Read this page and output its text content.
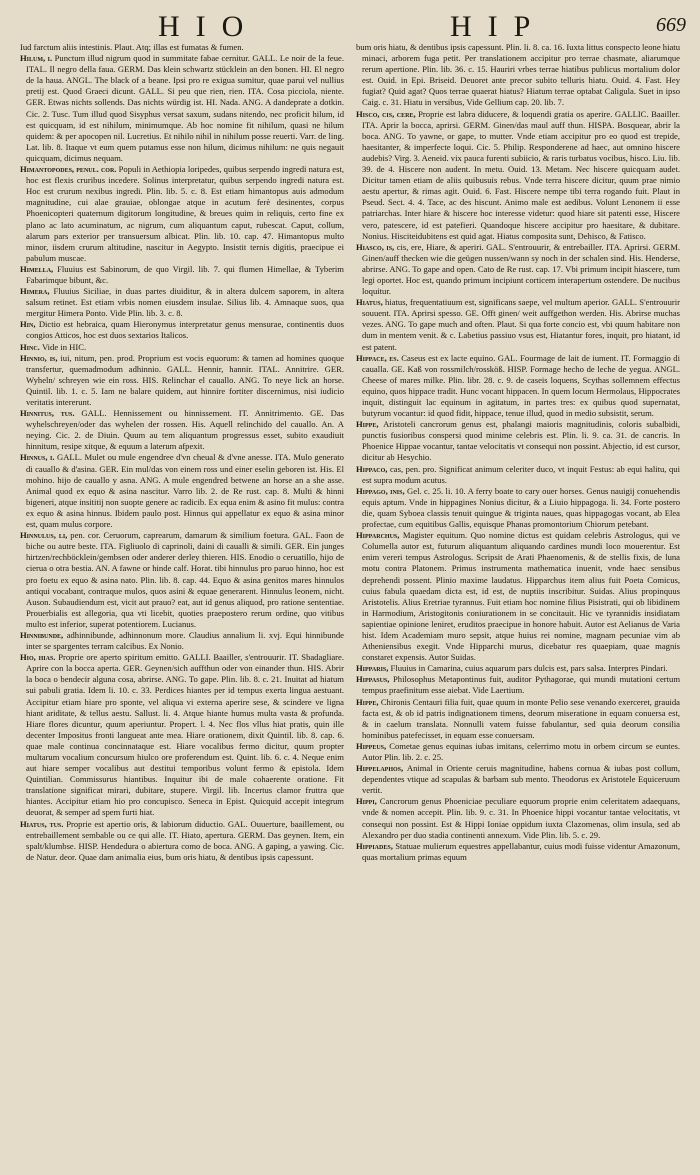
HIO	HIP	669

Iud farctum aliis intestinis. Plaut. Atq; illas est fumatas & fumen.

Hilum, i. Punctum illud nigrum quod in summitate fabae cernitur. GALL. Le noir de la feue. ITAL. Il negro della faua. GERM. Das klein schwartz stücklein an den bonen. HI. El negro de la haua. ANGL. The black of a beane. Ipsi pro re exigua sumitur, quae parui vel nullius pretij est. Quod Graeci dicunt. GALL. Si peu que rien, rien. ITA. Cosa picciola, niente. GER. Etwas nichts sollends. Das nichts würdig ist. HI. Nada. ANG. A dandeprate a dotkin. Cic. 2. Tusc. Tum illud quod Sisyphus versat saxum, sudans nitendo, nec proficit hilum, id est quicquam, id est nihilum, minimumque. Ab hoc nomine fit nihilum, quasi ne hilum quidem: & per apocopen nil. Lucretius. Et nihilo nihil in nihilum posse reuerti. Varr. de ling. Lat. lib. 8. Itaque vt eum quem putamus esse non hilum, dicimus nihilum: ne quis negauit quicquam, dicimus nequam.

Himantopodes, penul. cor. Populi in Aethiopia loripedes, quibus serpendo ingredi natura est, hoc est flexis cruribus incedere. Solinus interpretatur, quibus serpendo ingredi natura est. Hoc est crurum nexibus ingredi. Plin. lib. 5. c. 8. Est etiam himantopus auis admodum magnitudine, cui alae grauiae, oblongae atque in acutum ferè desinentes, corpus Phoenicopteri quaternum digitorum longitudine, & breues quim in reliquis, certo fine ex plano ac lato acuminatum, ac nigrum, cum aliquantum caput, rubescat. Caput, collum, alarum pars exterior per transuersum albicat. Plin. lib. 10. cap. 47. Himantopus multo minor, iisdem crurum altitudine, nascitur in Aegypto. Insistit ternis digitis, praecipue ei pabulum muscae.

Himella, Fluuius est Sabinorum, de quo Virgil. lib. 7. qui flumen Himellae, & Tyberim Fabarimque bibunt, &c.

Himera, Fluuius Siciliae, in duas partes diuiditur, & in altera dulcem saporem, in altera salsum retinet. Est etiam vrbis nomen eiusdem insulae. Silius lib. 4. Amnaque suos, qua mergitur Himera Ponto. Vide Plin. lib. 3. c. 8.

Hin, Dictio est hebraica, quam Hieronymus interpretatur genus mensurae, continentis duos congios Atticos, hoc est duos sextarios Italicos.

Hinc. Vide in HIC.

Hinnio, is, iui, nitum, pen. prod. Proprium est vocis equorum: & tamen ad homines quoque transfertur, quemadmodum adhinnio. GALL. Hennir, hannir. ITAL. Annitrire. GER. Wyheln/ schreyen wie ein ross. HIS. Relinchar el cauallo. ANG. To neye lick an horse. Quintil. lib. 1. c. 5. Iam ne balare quidem, aut hinnire fortiter discernimus, nisi iudicio veritatis intererunt.

Hinnitus, tus. GALL. Hennissement ou hinnissement. IT. Annitrimento. GE. Das wyhelschreyen/oder das wyhelen der rossen. His. Aquell relinchido del cauallo. An. A neying. Cic. 2. de Diuin. Quum au tem aliquantum progressus esset, subito exaudiuit hinnitum, resipe xitque, & equum a laterum afpexit.

Hinnus, i. GALL. Mulet ou mule engendree d'vn cheual & d'vne anesse. ITA. Mulo generato di cauallo & d'asina. GER. Ein mul/das von einem ross und einer eselin geboren ist. His. El mohino. hijo de cauallo y asna. ANG. A mule engendred betwene an horse an a she asse. Animal quod ex equo & asina nascitur. Varro lib. 2. de Re rust. cap. 8. Multi & hinni bigeneri, atque insititij non suopte genere ac radicib. Ex equa enim & asino fit mulus: contra ex equo & asina hinnus. Ibidem paulo post. Hinnus qui appellatur ex equo & asina minor est, quam mulus corpore.

Hinnulus, li, pen. cor. Ceruorum, caprearum, damarum & similium foetura. GAL. Faon de biche ou autre beste. ITA. Figliuolo di caprinoli, daini di caualli & simili. GER. Ein junges hirtzen/rechböcklein/gembsen oder anderer derley thieren. HIS. Enodio o ceruatillo, hijo de cierua o otra bestia. AN. A fawne or hinde calf. Horat. tibi hinnulus pro paruo hinno, hoc est pro foetu ex equo & asina nato. Plin. lib. 8. cap. 44. Equo & asina genitos mares hinnulos antiqui vocabant, contraque mulos, quos asini & equae generarent. Hinnulus leonem, nicht. Auson. Subaudiendum est, vicit aut prauo? eat, aut id genus aliquod, pro ratione sententiae. Prouerbialis est allegoria, qua vti licebit, quoties praepostero rerum ordine, quo vitibus multo est inferior, superat potentiorem. Lucianus.

Hinnibunde, adhinnibunde, adhinnonum more. Claudius annalium li. xvj. Equi hinnibunde inter se spargentes terram calcibus. Ex Nonio.

Hio, hias. Proprie ore aperto spiritum emitto. GALLI. Baailler, s'entrouurir. IT. Sbadagliare. Aprire con la bocca aperta. GER. Geynen/sich auffthun oder von einander thun. HIS. Abrir la boca o bendecir alguna cosa, abrirse. ANG. To gape. Plin. lib. 8. c. 21. Inuitat ad hiatum sui pabuli gratia. Idem li. 10. c. 33. Perdices hiantes per id tempus exerta lingua aestuant. Accipitur etiam hiare pro sponte, vel aliqua vi externa aperire sese, & scindere ve ligna hiant ariditate, & tellus aestu. Sallust. li. 4. Atque hiante humus multa vasta & profunda. Hiare flores dicuntur, quum aperiuntur. Propert. l. 4. Nec flos vllus hiat pratis, quin ille decenter Impositus fronti langueat ante mea. Hiare orationem, dixit Quintil. lib. 8. cap. 6. quae male continua concinnataque est. Hiare vocalibus fermo dicitur, quum propter multarum vocalium concursum hiulco ore proferendum est. Quint. lib. 6. c. 4. Neque enim aut hiare semper vocalibus aut destitui temporibus volunt fermo & epistola. Idem Quintilian. Commissurus hiantibus. Inquitur ibi de male cohaerente oratione. Fit translatione significat mirari, dubitare, stupere. Virgil. lib. Incertus clamor fruttra que hiantes. Accipitur etiam hio pro concupisco. Seneca in Epist. Quicquid accepit integrum deuorat, & semper ad spem furti hiat.

Hiatus, tus. Proprie est apertio oris, & labiorum diductio. GAL. Ouuerture, baaillement, ou entrebaillement sembable ou ce qui alle. IT. Hiato, apertura. GERM. Das geynen. Item, ein spalt/klumbse. HISP. Hendedura o abiertura como de boca. ANG. A gaping, a yawing. Cic. de Natur. deor. Quae dam animalia eius, bum oris hiatu, & dentibus ipsis capessunt.

bum oris hiatu, & dentibus ipsis capessunt. Plin. li. 8. ca. 16. Iuxta littus conspecto leone hiatu minaci, arborem fuga petit. Per translationem accipitur pro terrae chasmate, aliarumque rerum apertione. Plin. lib. 36. c. 15. Hauriri vrbes terrae hiatibus publicus mortalium dolor est. Ouid. in Epi. Briseid. Deuoret ante precor subito telluris hiatu. Ouid. 4. Fast. Hey fugiat? Quid agat? Quos terrae quaerat hiatus? Hiatum terrae optabat Caligula. Suet in ipso Caig. c. 31. Hiatu in versibus, Vide Gellium cap. 20. lib. 7.

Hisco, cis, cere, Proprie est labra diducere, & loquendi gratia os aperire. GALLIC. Baailler. ITA. Aprir la bocca, aprirsi. GERM. Ginen/das maul auff thun. HISPA. Bosquear, abrir la boca. ANG. To yawne, or gape, to mutter. Vnde etiam accipitur pro eo quod est trepide, haesitanter, & imperfecte loqui. Cic. 5. Philip. Responderene ad haec, aut omnino hiscere audebis? Virg. 3. Aeneid. vix pauca furenti subiicio, & raris turbatus vocibus, hisco. Liu. lib. 39. de 4. Hiscere non audent. In metu. Ouid. 13. Metam. Nec hiscere quicquam audet. Dicitur tamen etiam de aliis quibusuis rebus. Vnde terra hiscere dicitur, quum prae nimio aestu apertur, & rimas agit. Ouid. 6. Fast. Hiscere nempe tibi terra rogando fuit. Plaut in Pseud. Sect. 4. 4. Tace, ac des hiscunt. Animo male est aedibus. Volunt Lenonem ii esse patriarchas. Inter hiare & hiscere hoc interesse videtur: quod hiare sit patenti esse, Hiscere vero, patescere, id est patefieri. Quandoque hiscere accipitur pro haesitare, & dubitare. Nonius. Hisciteidubitens est quid agat. Hiatus composita sunt, Dehisco, & Fatisco.

Hiasco, is, cis, ere, Hiare, & aperiri. GAL. S'entrouurir, & entrebailler. ITA. Aprirsi. GERM. Ginen/auff thecken wie die geügen nussen/wann sy noch in der schalen sind. His. Henderse, abrirse. ANG. To gape and open. Cato de Re rust. cap. 17. Vbi primum incipit hiascere, tum legi oportet. Hoc est, quando primum incipiunt corticem interapertum ostendere. De nucibus loquitur.

Hiatus, hiatus, frequentatiuum est, significans saepe, vel multum aperior. GALL. S'entrouurir souuent. ITA. Aprirsi spesso. GE. Offt ginen/ weit auffgethon werden. His. Abrirse muchas vezes. ANG. To gape much and often. Plaut. Si qua forte concio est, vbi quum habitare non dum in mentem venit. & c. Labetius passiuo vsus est, Hiatantur fores, inquit, pro hiatant, id est patent.

Hippace, es. Caseus est ex lacte equino. GAL. Fourmage de lait de iument. IT. Formaggio di caualla. GE. Kaß von rossmilch/rossköß. HISP. Formage hecho de leche de yegua. ANGL. Cheese of mares milke. Plin. libr. 28. c. 9. de caseis loquens, Scythas sollemnem effectus equino, quos hippace tradit. Hunc vocant hippacen. In quem locum Hermolaus, Hippocrates inquit, distinguit lac equinum in agitatum, in partes tres: ex quibus quod supernatat, butyrum vocantur: id quod fidit, hippace, tenue illud, quod in medio subsistit, serum.

Hippe, Aristoteli cancrorum genus est, phalangi maioris magnitudinis, coloris subalbidi, punctis fusioribus conspersi quod minime celebris est. Plin. li. 9. ca. 31. de cancris. In Phoenice Hippae vocantur, tantae velocitatis vt consequi non possint. Abjectio, id est cursor, dicitur ab Hesychio.

Hippaco, cas, pen. pro. Significat animum celeriter duco, vt inquit Festus: ab equi halitu, qui est supra modum acutus.

Hippago, inis, Gel. c. 25. li. 10. A ferry boate to cary ouer horses. Genus nauigij conuehendis equis aptum. Vnde in hippagines Nonius dicitur, & a Liuio hippagoga. li. 34. Forte postero die, quam Syboea classis tenuit quingue & triginta naues, quas hippagogas vocant, ab Elea profectae, cum equitibus Gallis, equisque Phanas promontorium Chiorum petebant.

Hipparchus, Magister equitum. Quo nomine dictus est quidam celebris Astrologus, qui ve Columella autor est, futurum aliquantum aliquando cardines mundi loco mouerentur. Est enim vereri tempus Astrologus. Scripsit de Arati Phaenomenis, & de stellis fixis, de luna motu contra Platonem. Primus instrumenta mathematica inuenit, vnde haec sensibus deprehendi possent. Plinio maxime laudatus. Hipparchus item alius fuit Poeta Comicus, cuius fabula quaedam dicta est, id est, de nuptiis inscribitur. Suidas. Alius propinquus Aristotelis. Alius Eretriae tyrannus. Fuit etiam hoc nomine filius Pisistrati, qui ob libidinem in Harmodium, Aristogitonis coniurationem in se concitauit. Hic ve tyrannidis insidiatam sapientiae opinione leniret, eruditos praecipue in honore habuit. Autor est Aelianus de Varia hist. Idem Academiam muro sepsit, atque huius rei nomine, magnam pecuniae vim ab Atheniensibus exegit. Vnde Hipparchi murus, dicebatur res quaepiam, quae magnis constaret expensis. Autor Suidas.

Hipparis, Fluuius in Camarina, cuius aquarum pars dulcis est, pars salsa. Interpres Pindari.

Hippasus, Philosophus Metapontinus fuit, auditor Pythagorae, qui mundi mutationi certum tempus praefinitum esse aiebat. Vide Laertium.

Hippe, Chironis Centauri filia fuit, quae quum in monte Pelio sese venando exerceret, grauida facta est, & ob id patris indignationem timens, deorum miseratione in equam conuersa est, & in caelum translata. Nonnulli vatem fuisse fabulantur, sed quia deorum consilia hominibus patefecisset, in equam esse conuersam.

Hippeus, Cometae genus equinas iubas imitans, celerrimo motu in orbem circum se euntes. Autor Plin. lib. 2. c. 25.

Hippelaphos, Animal in Oriente ceruis magnitudine, habens cornua & iubas post collum, dependentes vtique ad scapulas & barbam sub mento. Theodorus ex Aristotele Equiceruum vertit.

Hippi, Cancrorum genus Phoeniciae peculiare equorum proprie enim celeritatem adaequans, vnde & nomen accepit. Plin. lib. 9. c. 31. In Phoenice hippi vocantur tantae velocitatis, vt consequi non possint. Est & Hippi Ioniae oppidum iuxta Clazomenas, olim insula, sed ab Alexandro per duo stadia continenti annexum. Vide Plin. lib. 5. c. 29.

Hippiades, Statuae mulierum equestres appellabantur, cuius modi fuisse videntur Amazonum, quas mortalium primas equum
